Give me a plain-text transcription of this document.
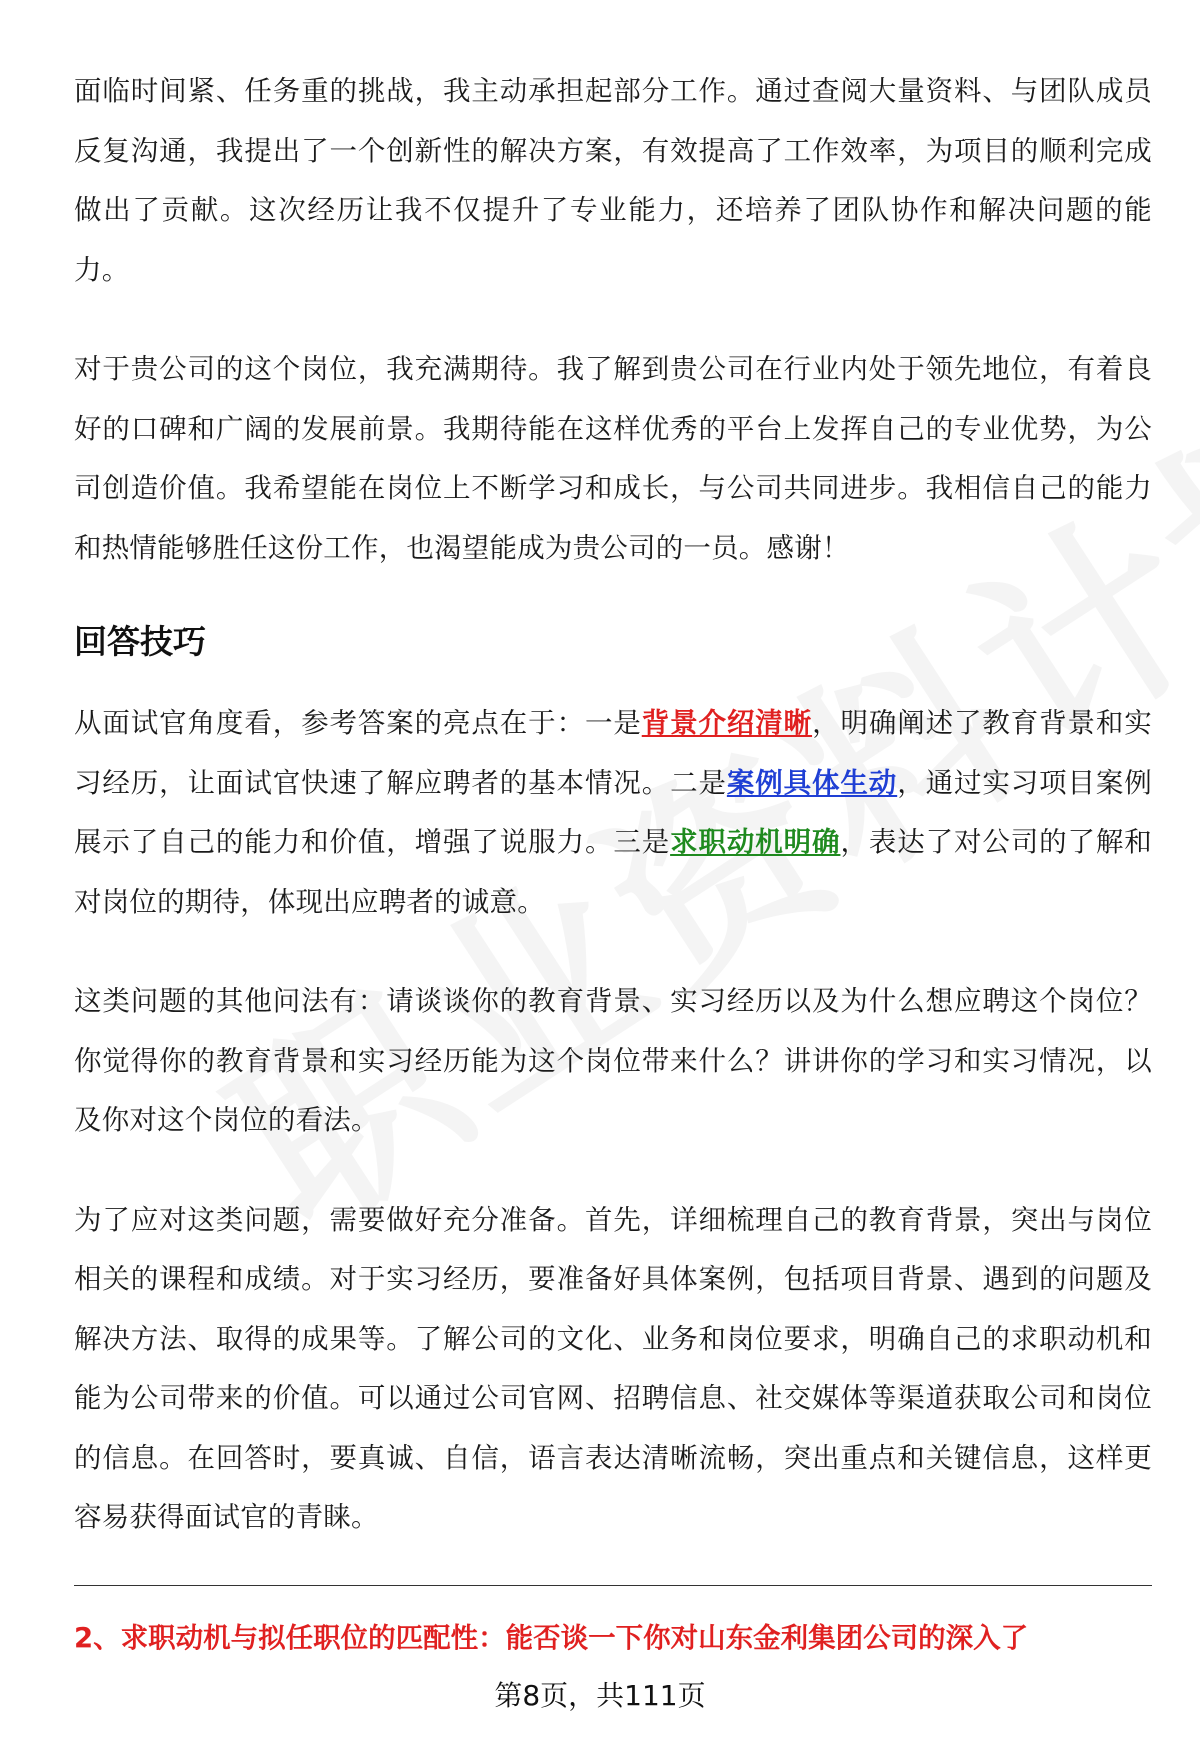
面临时间紧、任务重的挑战，我主动承担起部分工作。通过查阅大量资料、与团队成员反复沟通，我提出了一个创新性的解决方案，有效提高了工作效率，为项目的顺利完成做出了贡献。这次经历让我不仅提升了专业能力，还培养了团队协作和解决问题的能力。

对于贵公司的这个岗位，我充满期待。我了解到贵公司在行业内处于领先地位，有着良好的口碑和广阔的发展前景。我期待能在这样优秀的平台上发挥自己的专业优势，为公司创造价值。我希望能在岗位上不断学习和成长，与公司共同进步。我相信自己的能力和热情能够胜任这份工作，也渴望能成为贵公司的一员。感谢！

回答技巧

从面试官角度看，参考答案的亮点在于：一是背景介绍清晰，明确阐述了教育背景和实习经历，让面试官快速了解应聘者的基本情况。二是案例具体生动，通过实习项目案例展示了自己的能力和价值，增强了说服力。三是求职动机明确，表达了对公司的了解和对岗位的期待，体现出应聘者的诚意。

这类问题的其他问法有：请谈谈你的教育背景、实习经历以及为什么想应聘这个岗位？你觉得你的教育背景和实习经历能为这个岗位带来什么？讲讲你的学习和实习情况，以及你对这个岗位的看法。

为了应对这类问题，需要做好充分准备。首先，详细梳理自己的教育背景，突出与岗位相关的课程和成绩。对于实习经历，要准备好具体案例，包括项目背景、遇到的问题及解决方法、取得的成果等。了解公司的文化、业务和岗位要求，明确自己的求职动机和能为公司带来的价值。可以通过公司官网、招聘信息、社交媒体等渠道获取公司和岗位的信息。在回答时，要真诚、自信，语言表达清晰流畅，突出重点和关键信息，这样更容易获得面试官的青睐。

2、求职动机与拟任职位的匹配性：能否谈一下你对山东金利集团公司的深入了
第8页，共111页
